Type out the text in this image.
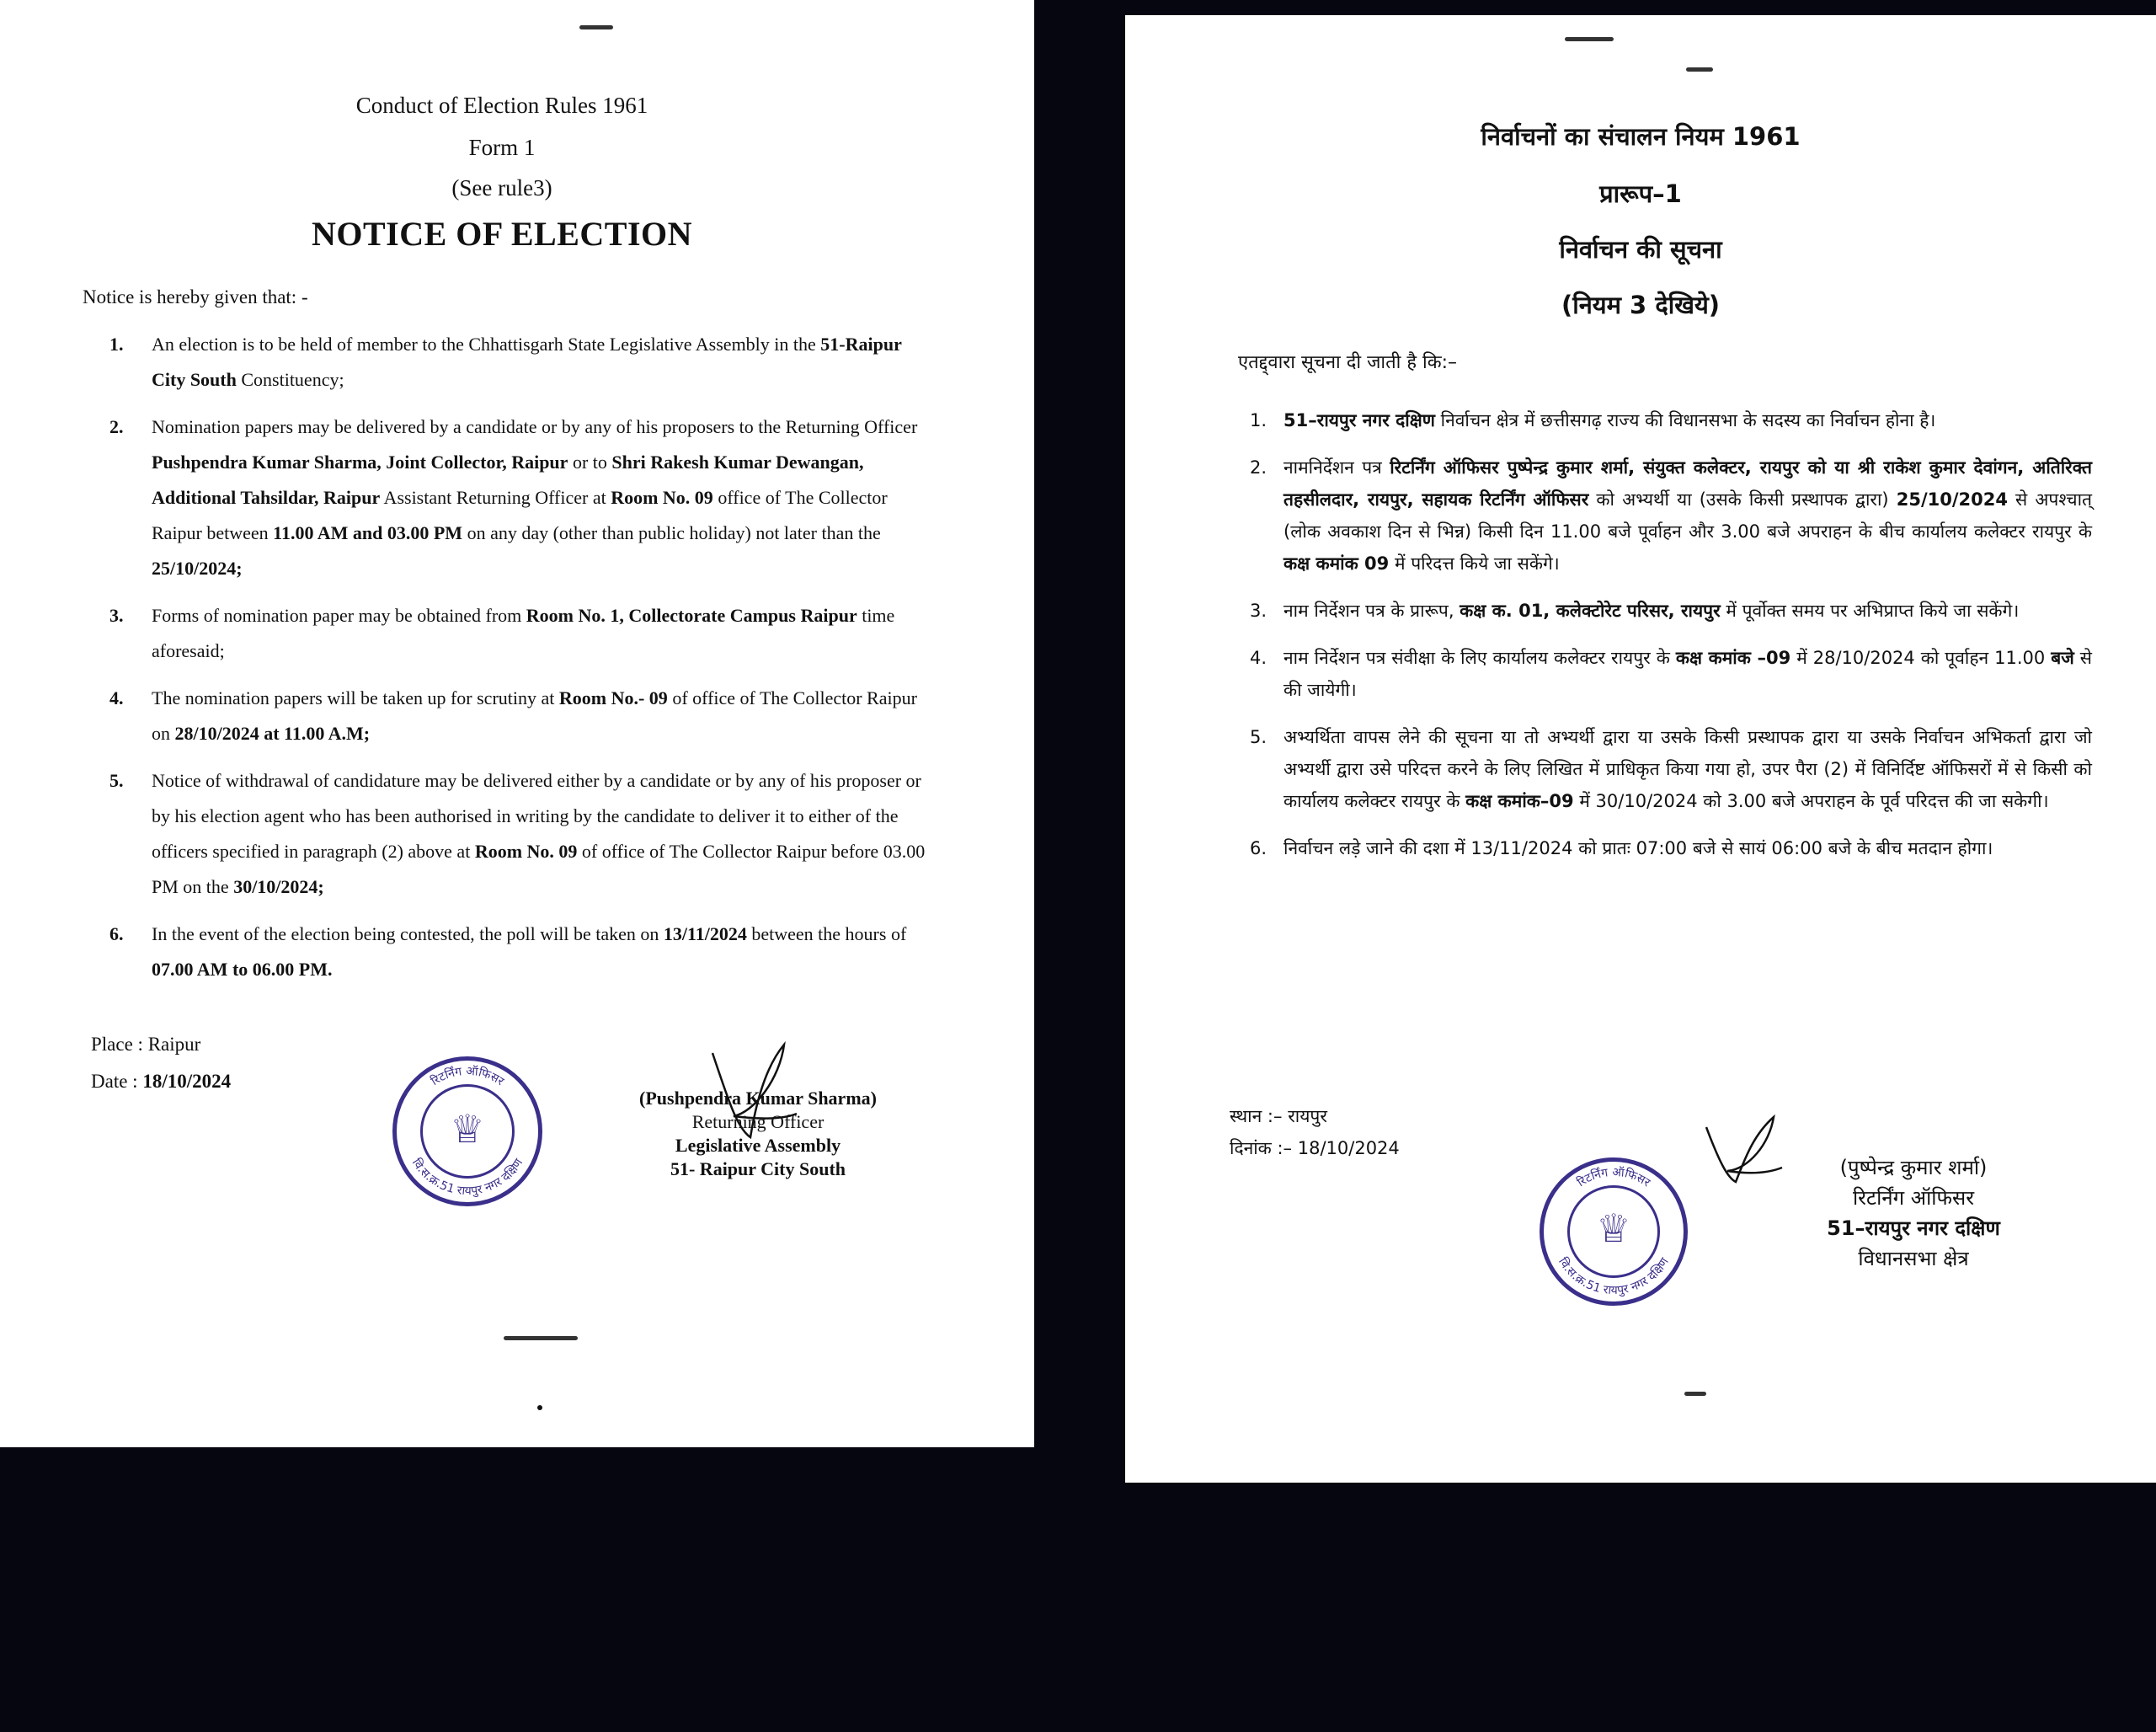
Conduct of Election Rules 1961
Form 1
(See rule3)
NOTICE OF ELECTION
Notice is hereby given that: -
1. An election is to be held of member to the Chhattisgarh State Legislative Assembly in the 51-Raipur City South Constituency;
2. Nomination papers may be delivered by a candidate or by any of his proposers to the Returning Officer Pushpendra Kumar Sharma, Joint Collector, Raipur or to Shri Rakesh Kumar Dewangan, Additional Tahsildar, Raipur Assistant Returning Officer at Room No. 09 office of The Collector Raipur between 11.00 AM and 03.00 PM on any day (other than public holiday) not later than the 25/10/2024;
3. Forms of nomination paper may be obtained from Room No. 1, Collectorate Campus Raipur time aforesaid;
4. The nomination papers will be taken up for scrutiny at Room No.- 09 of office of The Collector Raipur on 28/10/2024 at 11.00 A.M;
5. Notice of withdrawal of candidature may be delivered either by a candidate or by any of his proposer or by his election agent who has been authorised in writing by the candidate to deliver it to either of the officers specified in paragraph (2) above at Room No. 09 of office of The Collector Raipur before 03.00 PM on the 30/10/2024;
6. In the event of the election being contested, the poll will be taken on 13/11/2024 between the hours of 07.00 AM to 06.00 PM.
Place : Raipur
Date : 18/10/2024
♕
रिटर्निंग ऑफिसर
वि.स.क्र.51 रायपुर नगर दक्षिण
(Pushpendra Kumar Sharma)
Returning Officer
Legislative Assembly
51- Raipur City South
निर्वाचनों का संचालन नियम 1961
प्रारूप–1
निर्वाचन की सूचना
(नियम 3 देखिये)
एतद्द्वारा सूचना दी जाती है कि:–
1. 51–रायपुर नगर दक्षिण निर्वाचन क्षेत्र में छत्तीसगढ़ राज्य की विधानसभा के सदस्य का निर्वाचन होना है।
2. नामनिर्देशन पत्र रिटर्निंग ऑफिसर पुष्पेन्द्र कुमार शर्मा, संयुक्त कलेक्टर, रायपुर को या श्री राकेश कुमार देवांगन, अतिरिक्त तहसीलदार, रायपुर, सहायक रिटर्निंग ऑफिसर को अभ्यर्थी या (उसके किसी प्रस्थापक द्वारा) 25/10/2024 से अपश्चात् (लोक अवकाश दिन से भिन्न) किसी दिन 11.00 बजे पूर्वाहन और 3.00 बजे अपराहन के बीच कार्यालय कलेक्टर रायपुर के कक्ष कमांक 09 में परिदत्त किये जा सकेंगे।
3. नाम निर्देशन पत्र के प्रारूप, कक्ष क. 01, कलेक्टोरेट परिसर, रायपुर में पूर्वोक्त समय पर अभिप्राप्त किये जा सकेंगे।
4. नाम निर्देशन पत्र संवीक्षा के लिए कार्यालय कलेक्टर रायपुर के कक्ष कमांक –09 में 28/10/2024 को पूर्वाहन 11.00 बजे से की जायेगी।
5. अभ्यर्थिता वापस लेने की सूचना या तो अभ्यर्थी द्वारा या उसके किसी प्रस्थापक द्वारा या उसके निर्वाचन अभिकर्ता द्वारा जो अभ्यर्थी द्वारा उसे परिदत्त करने के लिए लिखित में प्राधिकृत किया गया हो, उपर पैरा (2) में विनिर्दिष्ट ऑफिसरों में से किसी को कार्यालय कलेक्टर रायपुर के कक्ष कमांक–09 में 30/10/2024 को 3.00 बजे अपराहन के पूर्व परिदत्त की जा सकेगी।
6. निर्वाचन लड़े जाने की दशा में 13/11/2024 को प्रातः 07:00 बजे से सायं 06:00 बजे के बीच मतदान होगा।
स्थान :– रायपुर
दिनांक :– 18/10/2024
♕
रिटर्निंग ऑफिसर
वि.स.क्र.51 रायपुर नगर दक्षिण
(पुष्पेन्द्र कुमार शर्मा)
रिटर्निंग ऑफिसर
51–रायपुर नगर दक्षिण
विधानसभा क्षेत्र
